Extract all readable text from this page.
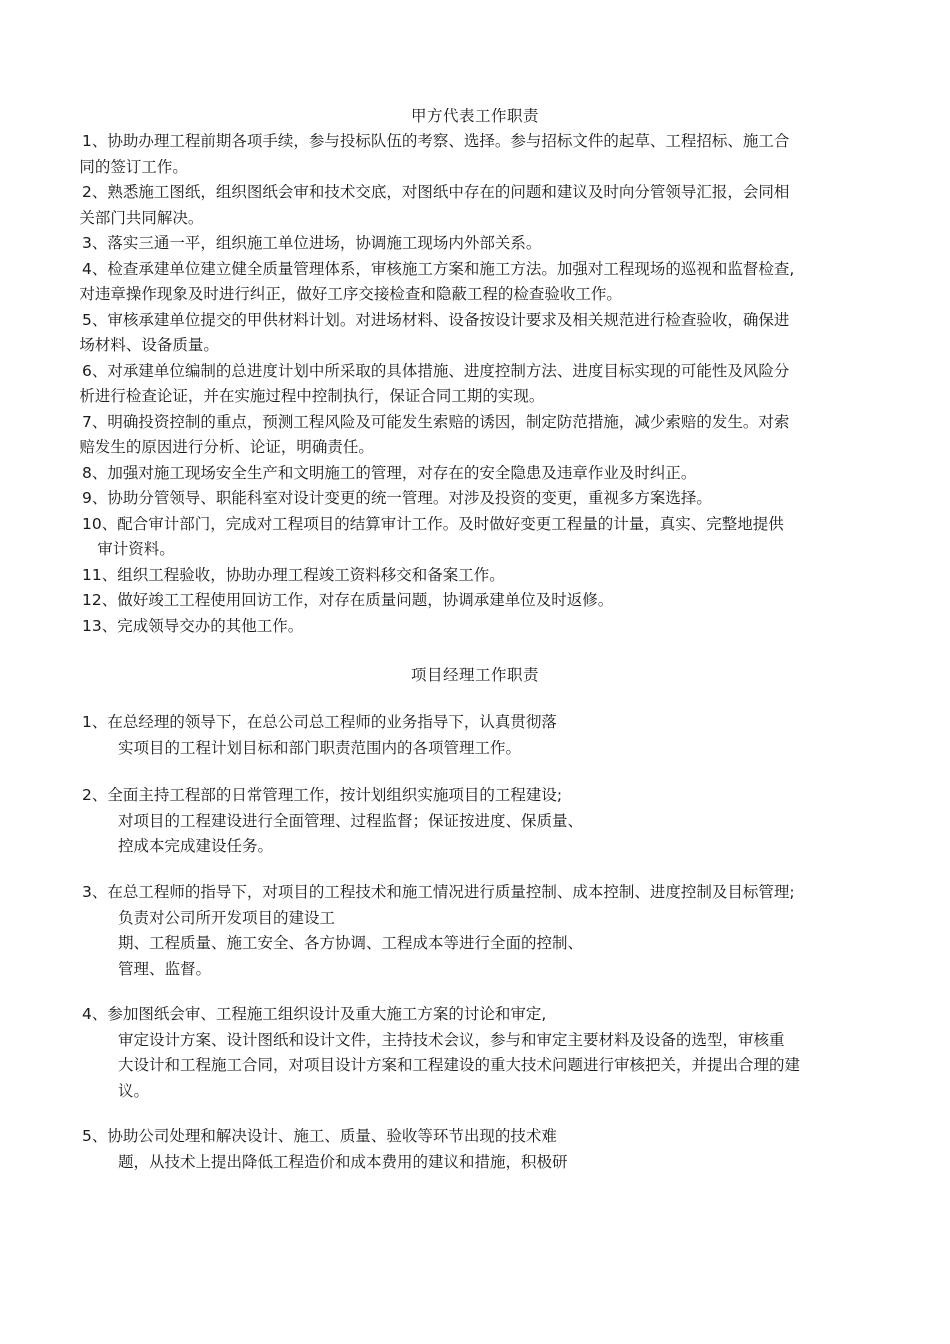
甲方代表工作职责
1、 协助办理工程前期各项手续，参与投标队伍的考察、选择。参与招标文件的起草、工程招标、施工合
同的签订工作。
2、 熟悉施工图纸，组织图纸会审和技术交底，对图纸中存在的问题和建议及时向分管领导汇报，会同相
关部门共同解决。
3、 落实三通一平，组织施工单位进场，协调施工现场内外部关系。
4、 检查承建单位建立健全质量管理体系，审核施工方案和施工方法。加强对工程现场的巡视和监督检查,
对违章操作现象及时进行纠正，做好工序交接检查和隐蔽工程的检查验收工作。
5、 审核承建单位提交的甲供材料计划。对进场材料、设备按设计要求及相关规范进行检查验收，确保进
场材料、设备质量。
6、 对承建单位编制的总进度计划中所采取的具体措施、进度控制方法、进度目标实现的可能性及风险分
析进行检查论证，并在实施过程中控制执行，保证合同工期的实现。
7、 明确投资控制的重点，预测工程风险及可能发生索赔的诱因，制定防范措施，减少索赔的发生。对索
赔发生的原因进行分析、论证，明确责任。
8、 加强对施工现场安全生产和文明施工的管理，对存在的安全隐患及违章作业及时纠正。
9、 协助分管领导、职能科室对设计变更的统一管理。对涉及投资的变更，重视多方案选择。
10、 配合审计部门，完成对工程项目的结算审计工作。及时做好变更工程量的计量，真实、完整地提供
审计资料。
11、 组织工程验收，协助办理工程竣工资料移交和备案工作。
12、 做好竣工工程使用回访工作，对存在质量问题，协调承建单位及时返修。
13、 完成领导交办的其他工作。
项目经理工作职责
1、在总经理的领导下，在总公司总工程师的业务指导下，认真贯彻落
实项目的工程计划目标和部门职责范围内的各项管理工作。
2、全面主持工程部的日常管理工作，按计划组织实施项目的工程建设;
对项目的工程建设进行全面管理、过程监督；保证按进度、保质量、
控成本完成建设任务。
3、在总工程师的指导下，对项目的工程技术和施工情况进行质量控制、成本控制、进度控制及目标管理;
负责对公司所开发项目的建设工
期、工程质量、施工安全、各方协调、工程成本等进行全面的控制、
管理、监督。
4、参加图纸会审、工程施工组织设计及重大施工方案的讨论和审定,
审定设计方案、设计图纸和设计文件，主持技术会议，参与和审定主要材料及设备的选型，审核重
大设计和工程施工合同，对项目设计方案和工程建设的重大技术问题进行审核把关，并提出合理的建
议。
5、协助公司处理和解决设计、施工、质量、验收等环节出现的技术难
题，从技术上提出降低工程造价和成本费用的建议和措施，积极研
